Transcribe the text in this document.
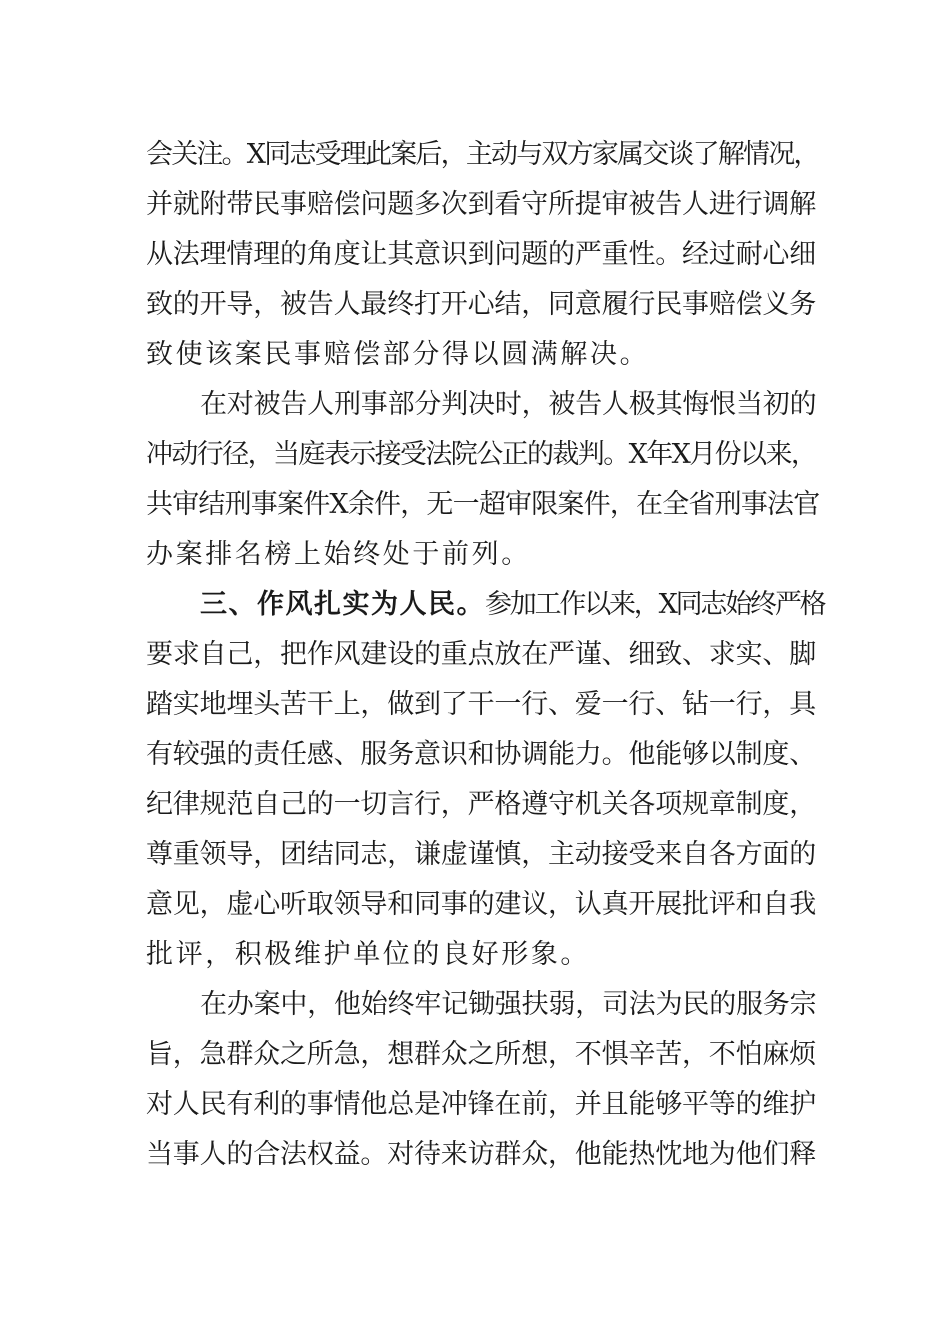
会关注。X同志受理此案后，主动与双方家属交谈了解情况，
并就附带民事赔偿问题多次到看守所提审被告人进行调解
从法理情理的角度让其意识到问题的严重性。经过耐心细
致的开导，被告人最终打开心结，同意履行民事赔偿义务
致使该案民事赔偿部分得以圆满解决。
在对被告人刑事部分判决时，被告人极其悔恨当初的
冲动行径，当庭表示接受法院公正的裁判。X年X月份以来，
共审结刑事案件X余件，无一超审限案件，在全省刑事法官
办案排名榜上始终处于前列。
三、作风扎实为人民。参加工作以来，X同志始终严格
要求自己，把作风建设的重点放在严谨、细致、求实、脚
踏实地埋头苦干上，做到了干一行、爱一行、钻一行，具
有较强的责任感、服务意识和协调能力。他能够以制度、
纪律规范自己的一切言行，严格遵守机关各项规章制度，
尊重领导，团结同志，谦虚谨慎，主动接受来自各方面的
意见，虚心听取领导和同事的建议，认真开展批评和自我
批评，积极维护单位的良好形象。
在办案中，他始终牢记锄强扶弱，司法为民的服务宗
旨，急群众之所急，想群众之所想，不惧辛苦，不怕麻烦
对人民有利的事情他总是冲锋在前，并且能够平等的维护
当事人的合法权益。对待来访群众，他能热忱地为他们释
